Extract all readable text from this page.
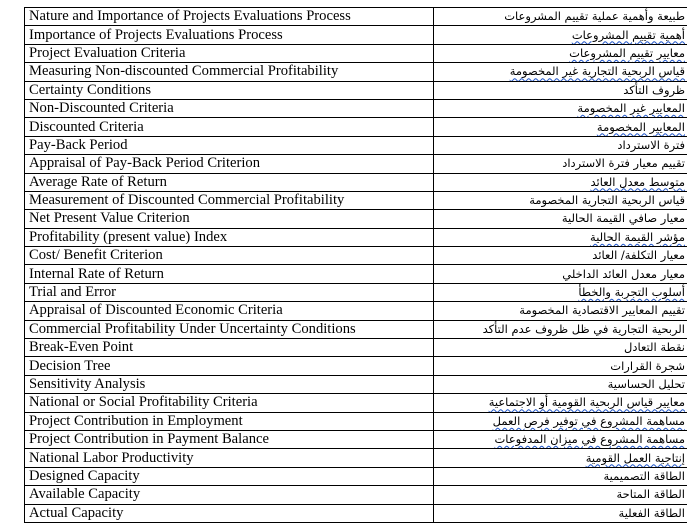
Nature and Importance of Projects Evaluations Process	طبيعة وأهمية عملية تقييم المشروعات
Importance of Projects Evaluations Process	أهمية تقييم المشروعات
Project Evaluation Criteria	معايير تقييم المشروعات
Measuring Non-discounted Commercial Profitability	قياس الربحية التجارية غير المخصومة
Certainty Conditions	ظروف التأكد
Non-Discounted Criteria	المعايير غير المخصومة
Discounted Criteria	المعايير المخصومة
Pay-Back Period	فترة الاسترداد
Appraisal of Pay-Back Period Criterion	تقييم معيار فترة الاسترداد
Average Rate of Return	متوسط معدل العائد
Measurement of Discounted Commercial Profitability	قياس الربحية التجارية المخصومة
Net Present Value Criterion	معيار صافي القيمة الحالية
Profitability (present value) Index	مؤشر القيمة الحالية
Cost/ Benefit Criterion	معيار التكلفة/ العائد
Internal Rate of Return	معيار معدل العائد الداخلي
Trial and Error	أسلوب التجربة والخطأ
Appraisal of Discounted Economic Criteria	تقييم المعايير الاقتصادية المخصومة
Commercial Profitability Under Uncertainty Conditions	الربحية التجارية في ظل ظروف عدم التأكد
Break-Even Point	نقطة التعادل
Decision Tree	شجرة القرارات
Sensitivity Analysis	تحليل الحساسية
National or Social Profitability Criteria	معايير قياس الربحية القومية أو الاجتماعية
Project Contribution in Employment	مساهمة المشروع في توفير فرص العمل
Project Contribution in Payment Balance	مساهمة المشروع في ميزان المدفوعات
National Labor Productivity	إنتاجية العمل القومية
Designed Capacity	الطاقة التصميمية
Available Capacity	الطاقة المتاحة
Actual Capacity	الطاقة الفعلية
